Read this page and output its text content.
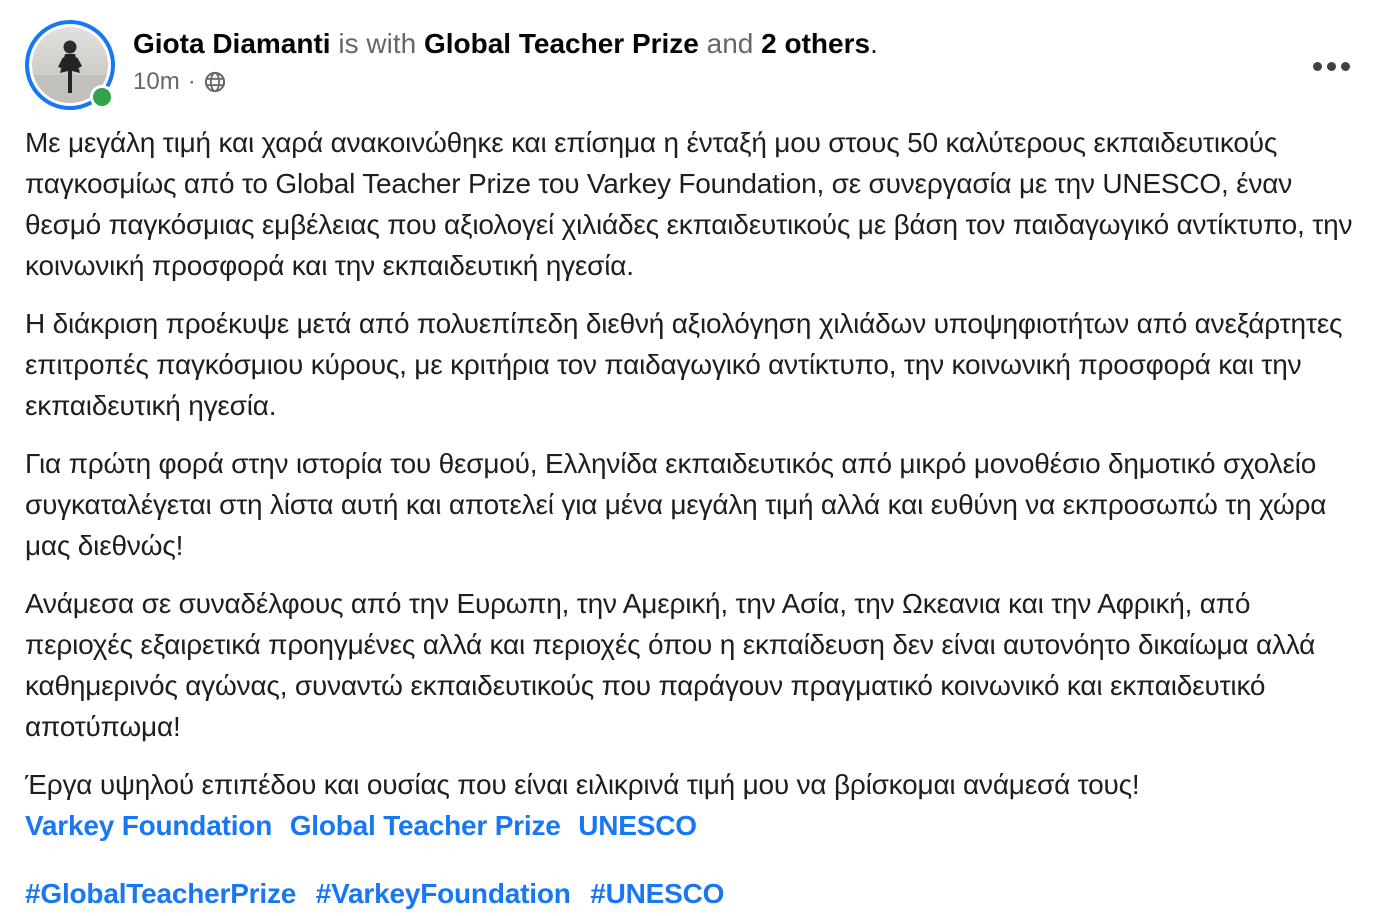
Giota Diamanti is with Global Teacher Prize and 2 others.
10m ·

Με μεγάλη τιμή και χαρά ανακοινώθηκε και επίσημα η ένταξή μου στους 50 καλύτερους εκπαιδευτικούς παγκοσμίως από το Global Teacher Prize του Varkey Foundation, σε συνεργασία με την UNESCO, έναν θεσμό παγκόσμιας εμβέλειας που αξιολογεί χιλιάδες εκπαιδευτικούς με βάση τον παιδαγωγικό αντίκτυπο, την κοινωνική προσφορά και την εκπαιδευτική ηγεσία.

Η διάκριση προέκυψε μετά από πολυεπίπεδη διεθνή αξιολόγηση χιλιάδων υποψηφιοτήτων από ανεξάρτητες επιτροπές παγκόσμιου κύρους, με κριτήρια τον παιδαγωγικό αντίκτυπο, την κοινωνική προσφορά και την εκπαιδευτική ηγεσία.

Για πρώτη φορά στην ιστορία του θεσμού, Ελληνίδα εκπαιδευτικός από μικρό μονοθέσιο δημοτικό σχολείο συγκαταλέγεται στη λίστα αυτή και αποτελεί για μένα μεγάλη τιμή αλλά και ευθύνη να εκπροσωπώ τη χώρα μας διεθνώς!

Ανάμεσα σε συναδέλφους από την Ευρωπη, την Αμερική, την Ασία, την Ωκεανια και την Αφρική, από περιοχές εξαιρετικά προηγμένες αλλά και περιοχές όπου η εκπαίδευση δεν είναι αυτονόητο δικαίωμα αλλά καθημερινός αγώνας, συναντώ εκπαιδευτικούς που παράγουν πραγματικό κοινωνικό και εκπαιδευτικό αποτύπωμα!

Έργα υψηλού επιπέδου και ουσίας που είναι ειλικρινά τιμή μου να βρίσκομαι ανάμεσά τους!
Varkey Foundation Global Teacher Prize UNESCO

#GlobalTeacherPrize #VarkeyFoundation #UNESCO
